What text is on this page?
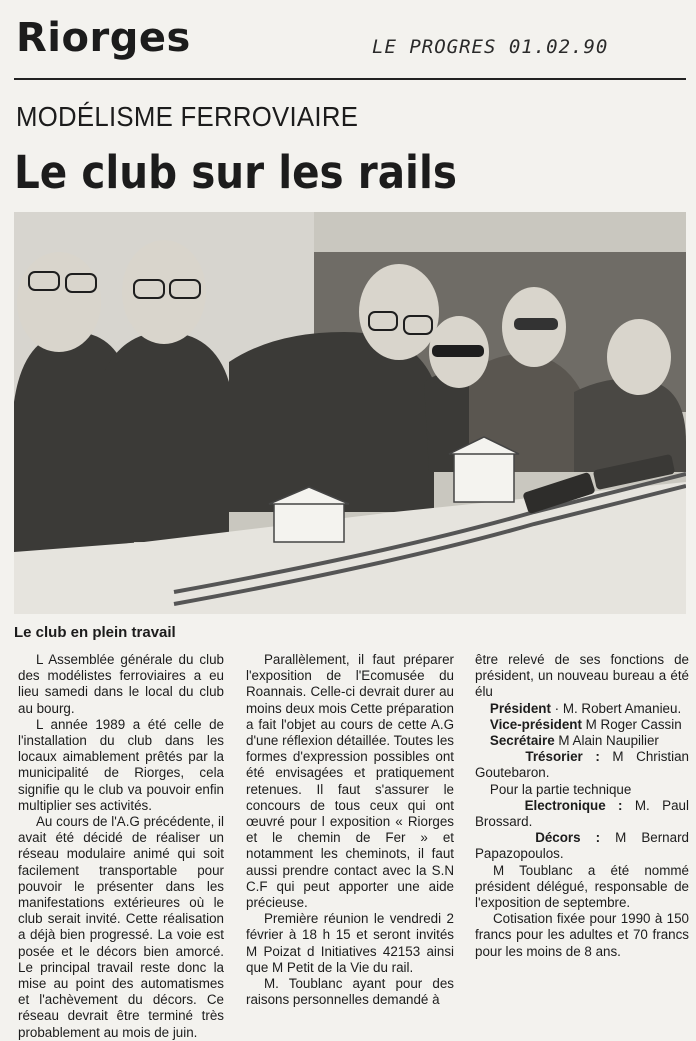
Riorges	LE PROGRES 01.02.90
MODÉLISME FERROVIAIRE
Le club sur les rails
Le club en plein travail

L Assemblée générale du club des modélistes ferroviaires a eu lieu samedi dans le local du club au bourg.

L année 1989 a été celle de l'installation du club dans les locaux aimablement prêtés par la municipalité de Riorges, cela signifie qu le club va pouvoir enfin multiplier ses activités.

Au cours de l'A.G précédente, il avait été décidé de réaliser un réseau modulaire animé qui soit facilement transportable pour pouvoir le présenter dans les manifestations extérieures où le club serait invité. Cette réalisation a déjà bien progressé. La voie est posée et le décors bien amorcé. Le principal travail reste donc la mise au point des automatismes et l'achèvement du décors. Ce réseau devrait être terminé très probablement au mois de juin.

Parallèlement, il faut préparer l'exposition de l'Ecomusée du Roannais. Celle-ci devrait durer au moins deux mois Cette préparation a fait l'objet au cours de cette A.G d'une réflexion détaillée. Toutes les formes d'expression possibles ont été envisagées et pratiquement retenues. Il faut s'assurer le concours de tous ceux qui ont œuvré pour l exposition « Riorges et le chemin de Fer » et notamment les cheminots, il faut aussi prendre contact avec la S.N C.F qui peut apporter une aide précieuse.

Première réunion le vendredi 2 février à 18 h 15 et seront invités M Poizat d Initiatives 42153 ainsi que M Petit de la Vie du rail.

M. Toublanc ayant pour des raisons personnelles demandé à

être relevé de ses fonctions de président, un nouveau bureau a été élu

Président · M. Robert Amanieu.
Vice-président M Roger Cassin
Secrétaire M Alain Naupilier
Trésorier : M Christian Goutebaron.
Pour la partie technique
Electronique : M. Paul Brossard.
Décors : M Bernard Papazopoulos.

M Toublanc a été nommé président délégué, responsable de l'exposition de septembre.

Cotisation fixée pour 1990 à 150 francs pour les adultes et 70 francs pour les moins de 8 ans.
